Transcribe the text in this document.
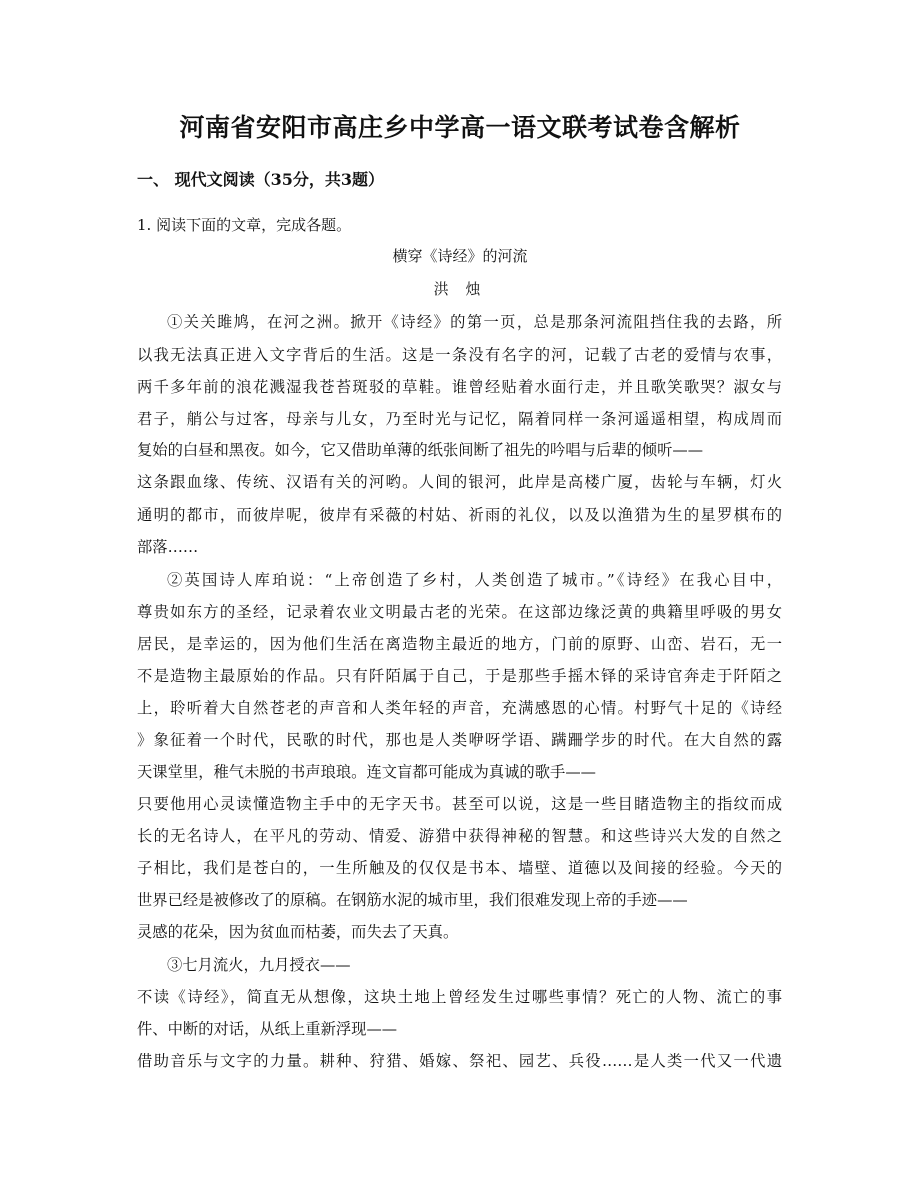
河南省安阳市高庄乡中学高一语文联考试卷含解析
一、 现代文阅读（35分，共3题）
1. 阅读下面的文章，完成各题。
横穿《诗经》的河流
洪 烛
①关关雎鸠，在河之洲。掀开《诗经》的第一页，总是那条河流阻挡住我的去路，所
以我无法真正进入文字背后的生活。这是一条没有名字的河，记载了古老的爱情与农事，
两千多年前的浪花溅湿我苍苔斑驳的草鞋。谁曾经贴着水面行走，并且歌笑歌哭？淑女与
君子，艄公与过客，母亲与儿女，乃至时光与记忆，隔着同样一条河遥遥相望，构成周而
复始的白昼和黑夜。如今，它又借助单薄的纸张间断了祖先的吟唱与后辈的倾听——
这条跟血缘、传统、汉语有关的河哟。人间的银河，此岸是高楼广厦，齿轮与车辆，灯火
通明的都市，而彼岸呢，彼岸有采薇的村姑、祈雨的礼仪，以及以渔猎为生的星罗棋布的
部落……
②英国诗人库珀说：“上帝创造了乡村，人类创造了城市。”《诗经》在我心目中，
尊贵如东方的圣经，记录着农业文明最古老的光荣。在这部边缘泛黄的典籍里呼吸的男女
居民，是幸运的，因为他们生活在离造物主最近的地方，门前的原野、山峦、岩石，无一
不是造物主最原始的作品。只有阡陌属于自己，于是那些手摇木铎的采诗官奔走于阡陌之
上，聆听着大自然苍老的声音和人类年轻的声音，充满感恩的心情。村野气十足的《诗经
》象征着一个时代，民歌的时代，那也是人类咿呀学语、蹒跚学步的时代。在大自然的露
天课堂里，稚气未脱的书声琅琅。连文盲都可能成为真诚的歌手——
只要他用心灵读懂造物主手中的无字天书。甚至可以说，这是一些目睹造物主的指纹而成
长的无名诗人，在平凡的劳动、情爱、游猎中获得神秘的智慧。和这些诗兴大发的自然之
子相比，我们是苍白的，一生所触及的仅仅是书本、墙壁、道德以及间接的经验。今天的
世界已经是被修改了的原稿。在钢筋水泥的城市里，我们很难发现上帝的手迹——
灵感的花朵，因为贫血而枯萎，而失去了天真。
③七月流火，九月授衣——
不读《诗经》，简直无从想像，这块土地上曾经发生过哪些事情？死亡的人物、流亡的事
件、中断的对话，从纸上重新浮现——
借助音乐与文字的力量。耕种、狩猎、婚嫁、祭祀、园艺、兵役……是人类一代又一代遗
